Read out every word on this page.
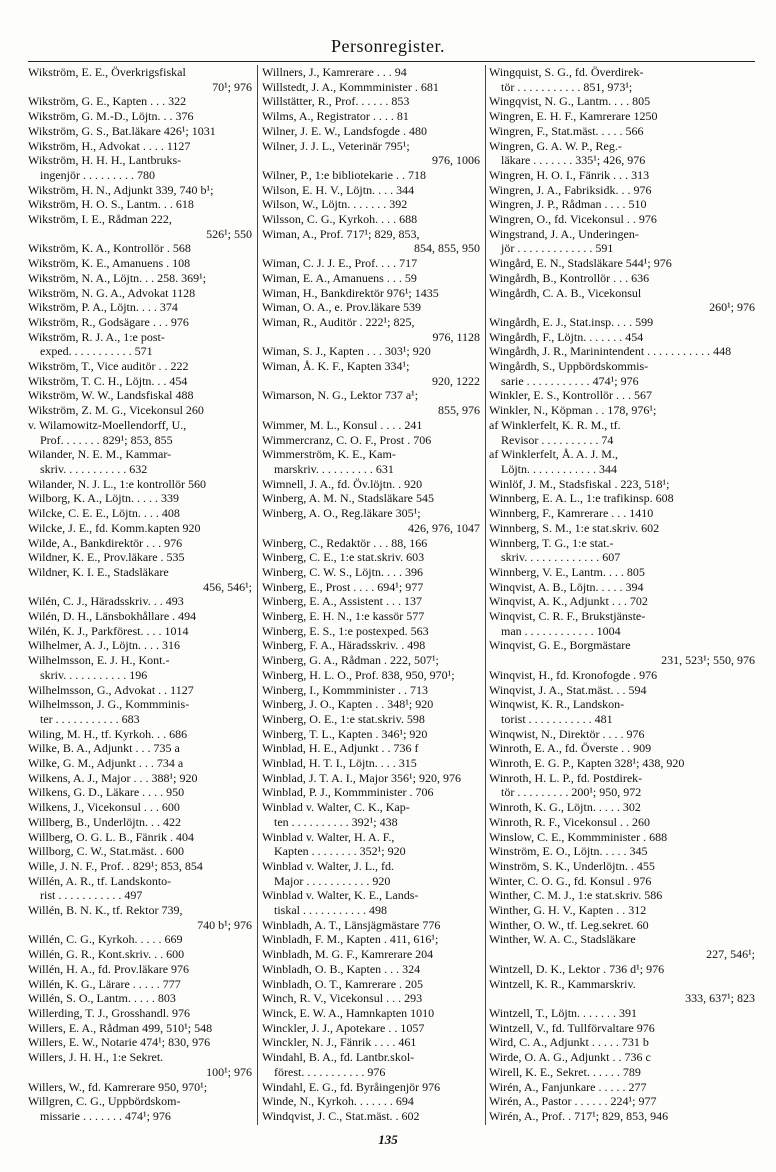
Personregister.
Wikström, E. E., Överkrigsfiskal
70¹; 976
Wikström, G. E., Kapten . . . 322
Wikström, G. M.-D., Löjtn. . . 376
Wikström, G. S., Bat.läkare 426¹; 1031
Wikström, H., Advokat . . . . 1127
Wikström, H. H. H., Lantbruks-
ingenjör . . . . . . . . . 780
Wikström, H. N., Adjunkt 339, 740 b¹;
Wikström, H. O. S., Lantm. . . 618
Wikström, I. E., Rådman 222,
526¹; 550
Wikström, K. A., Kontrollör . 568
Wikström, K. E., Amanuens . 108
Wikström, N. A., Löjtn. . . 258. 369¹;
Wikström, N. G. A., Advokat 1128
Wikström, P. A., Löjtn. . . . 374
Wikström, R., Godsägare . . . 976
Wikström, R. J. A., 1:e post-
exped. . . . . . . . . . . 571
Wikström, T., Vice auditör . . 222
Wikström, T. C. H., Löjtn. . . 454
Wikström, W. W., Landsfiskal 488
Wikström, Z. M. G., Vicekonsul 260
v. Wilamowitz-Moellendorff, U.,
Prof. . . . . . . 829¹; 853, 855
Wilander, N. E. M., Kammar-
skriv. . . . . . . . . . . 632
Wilander, N. J. L., 1:e kontrollör 560
Wilborg, K. A., Löjtn. . . . . 339
Wilcke, C. E. E., Löjtn. . . . 408
Wilcke, J. E., fd. Komm.kapten 920
Wilde, A., Bankdirektör . . . 976
Wildner, K. E., Prov.läkare . 535
Wildner, K. I. E., Stadsläkare
456, 546¹;
Wilén, C. J., Häradsskriv. . . 493
Wilén, D. H., Länsbokhållare . 494
Wilén, K. J., Parkförest. . . . 1014
Wilhelmer, A. J., Löjtn. . . . 316
Wilhelmsson, E. J. H., Kont.-
skriv. . . . . . . . . . . 196
Wilhelmsson, G., Advokat . . 1127
Wilhelmsson, J. G., Kommminis-
ter . . . . . . . . . . . 683
Wiling, M. H., tf. Kyrkoh. . . 686
Wilke, B. A., Adjunkt . . . 735 a
Wilke, G. M., Adjunkt . . . 734 a
Wilkens, A. J., Major . . . 388¹; 920
Wilkens, G. D., Läkare . . . . 950
Wilkens, J., Vicekonsul . . . 600
Willberg, B., Underlöjtn. . . 422
Willberg, O. G. L. B., Fänrik . 404
Willborg, C. W., Stat.mäst. . 600
Wille, J. N. F., Prof. . 829¹; 853, 854
Willén, A. R., tf. Landskonto-
rist . . . . . . . . . . . 497
Willén, B. N. K., tf. Rektor 739,
740 b¹; 976
Willén, C. G., Kyrkoh. . . . . 669
Willén, G. R., Kont.skriv. . . 600
Willén, H. A., fd. Prov.läkare 976
Willén, K. G., Lärare . . . . . 777
Willén, S. O., Lantm. . . . . 803
Willerding, T. J., Grosshandl. 976
Willers, E. A., Rådman 499, 510¹; 548
Willers, E. W., Notarie 474¹; 830, 976
Willers, J. H. H., 1:e Sekret.
100¹; 976
Willers, W., fd. Kamrerare 950, 970¹;
Willgren, C. G., Uppbördskom-
missarie . . . . . . . 474¹; 976
Willners, J., Kamrerare . . . 94
Willstedt, J. A., Kommminister . 681
Willstätter, R., Prof. . . . . . 853
Wilms, A., Registrator . . . . 81
Wilner, J. E. W., Landsfogde . 480
Wilner, J. J. L., Veterinär 795¹;
976, 1006
Wilner, P., 1:e bibliotekarie . . 718
Wilson, E. H. V., Löjtn. . . . 344
Wilson, W., Löjtn. . . . . . . 392
Wilsson, C. G., Kyrkoh. . . . 688
Wiman, A., Prof. 717¹; 829, 853,
854, 855, 950
Wiman, C. J. J. E., Prof. . . . 717
Wiman, E. A., Amanuens . . . 59
Wiman, H., Bankdirektör 976¹; 1435
Wiman, O. A., e. Prov.läkare 539
Wiman, R., Auditör . 222¹; 825,
976, 1128
Wiman, S. J., Kapten . . . 303¹; 920
Wiman, Å. K. F., Kapten 334¹;
920, 1222
Wimarson, N. G., Lektor 737 a¹;
855, 976
Wimmer, M. L., Konsul . . . . 241
Wimmercranz, C. O. F., Prost . 706
Wimmerström, K. E., Kam-
marskriv. . . . . . . . . . 631
Wimnell, J. A., fd. Öv.löjtn. . 920
Winberg, A. M. N., Stadsläkare 545
Winberg, A. O., Reg.läkare 305¹;
426, 976, 1047
Winberg, C., Redaktör . . . 88, 166
Winberg, C. E., 1:e stat.skriv. 603
Winberg, C. W. S., Löjtn. . . . 396
Winberg, E., Prost . . . . 694¹; 977
Winberg, E. A., Assistent . . . 137
Winberg, E. H. N., 1:e kassör 577
Winberg, E. S., 1:e postexped. 563
Winberg, F. A., Häradsskriv. . 498
Winberg, G. A., Rådman . 222, 507¹;
Winberg, H. L. O., Prof. 838, 950, 970¹;
Winberg, I., Kommminister . . 713
Winberg, J. O., Kapten . . 348¹; 920
Winberg, O. E., 1:e stat.skriv. 598
Winberg, T. L., Kapten . 346¹; 920
Winblad, H. E., Adjunkt . . 736 f
Winblad, H. T. I., Löjtn. . . . 315
Winblad, J. T. A. I., Major 356¹; 920, 976
Winblad, P. J., Kommminister . 706
Winblad v. Walter, C. K., Kap-
ten . . . . . . . . . . 392¹; 438
Winblad v. Walter, H. A. F.,
Kapten . . . . . . . . 352¹; 920
Winblad v. Walter, J. L., fd.
Major . . . . . . . . . . . 920
Winblad v. Walter, K. E., Lands-
tiskal . . . . . . . . . . . 498
Winbladh, A. T., Länsjägmästare 776
Winbladh, F. M., Kapten . 411, 616¹;
Winbladh, M. G. F., Kamrerare 204
Winbladh, O. B., Kapten . . . 324
Winbladh, O. T., Kamrerare . 205
Winch, R. V., Vicekonsul . . . 293
Winck, E. W. A., Hamnkapten 1010
Winckler, J. J., Apotekare . . 1057
Winckler, N. J., Fänrik . . . . 461
Windahl, B. A., fd. Lantbr.skol-
förest. . . . . . . . . . . 976
Windahl, E. G., fd. Byråingenjör 976
Winde, N., Kyrkoh. . . . . . . 694
Windqvist, J. C., Stat.mäst. . 602
Wingquist, S. G., fd. Överdirek-
tör . . . . . . . . . . . 851, 973¹;
Wingqvist, N. G., Lantm. . . . 805
Wingren, E. H. F., Kamrerare 1250
Wingren, F., Stat.mäst. . . . . 566
Wingren, G. A. W. P., Reg.-
läkare . . . . . . . 335¹; 426, 976
Wingren, H. O. I., Fänrik . . . 313
Wingren, J. A., Fabriksidk. . . 976
Wingren, J. P., Rådman . . . . 510
Wingren, O., fd. Vicekonsul . . 976
Wingstrand, J. A., Underingen-
jör . . . . . . . . . . . . . 591
Wingård, E. N., Stadsläkare 544¹; 976
Wingårdh, B., Kontrollör . . . 636
Wingårdh, C. A. B., Vicekonsul
260¹; 976
Wingårdh, E. J., Stat.insp. . . . 599
Wingårdh, F., Löjtn. . . . . . . 454
Wingårdh, J. R., Marinintendent . . . . . . . . . . . 448
Wingårdh, S., Uppbördskommis-
sarie . . . . . . . . . . . 474¹; 976
Winkler, E. S., Kontrollör . . . 567
Winkler, N., Köpman . . 178, 976¹;
af Winklerfelt, K. R. M., tf.
Revisor . . . . . . . . . . 74
af Winklerfelt, Å. A. J. M.,
Löjtn. . . . . . . . . . . . 344
Winlöf, J. M., Stadsfiskal . 223, 518¹;
Winnberg, E. A. L., 1:e trafikinsp. 608
Winnberg, F., Kamrerare . . . 1410
Winnberg, S. M., 1:e stat.skriv. 602
Winnberg, T. G., 1:e stat.-
skriv. . . . . . . . . . . . . 607
Winnberg, V. E., Lantm. . . . 805
Winqvist, A. B., Löjtn. . . . . 394
Winqvist, A. K., Adjunkt . . . 702
Winqvist, C. R. F., Brukstjänste-
man . . . . . . . . . . . . 1004
Winqvist, G. E., Borgmästare
231, 523¹; 550, 976
Winqvist, H., fd. Kronofogde . 976
Winqvist, J. A., Stat.mäst. . . 594
Winqwist, K. R., Landskon-
torist . . . . . . . . . . . 481
Winqwist, N., Direktör . . . . 976
Winroth, E. A., fd. Överste . . 909
Winroth, E. G. P., Kapten 328¹; 438, 920
Winroth, H. L. P., fd. Postdirek-
tör . . . . . . . . . 200¹; 950, 972
Winroth, K. G., Löjtn. . . . . 302
Winroth, R. F., Vicekonsul . . 260
Winslow, C. E., Kommminister . 688
Winström, E. O., Löjtn. . . . . 345
Winström, S. K., Underlöjtn. . 455
Winter, C. O. G., fd. Konsul . 976
Winther, C. M. J., 1:e stat.skriv. 586
Winther, G. H. V., Kapten . . 312
Winther, O. W., tf. Leg.sekret. 60
Winther, W. A. C., Stadsläkare
227, 546¹;
Wintzell, D. K., Lektor . 736 d¹; 976
Wintzell, K. R., Kammarskriv.
333, 637¹; 823
Wintzell, T., Löjtn. . . . . . . 391
Wintzell, V., fd. Tullförvaltare 976
Wird, C. A., Adjunkt . . . . . 731 b
Wirde, O. A. G., Adjunkt . . 736 c
Wirell, K. E., Sekret. . . . . . 789
Wirén, A., Fanjunkare . . . . . 277
Wirén, A., Pastor . . . . . . 224¹; 977
Wirén, A., Prof. . 717¹; 829, 853, 946
135
